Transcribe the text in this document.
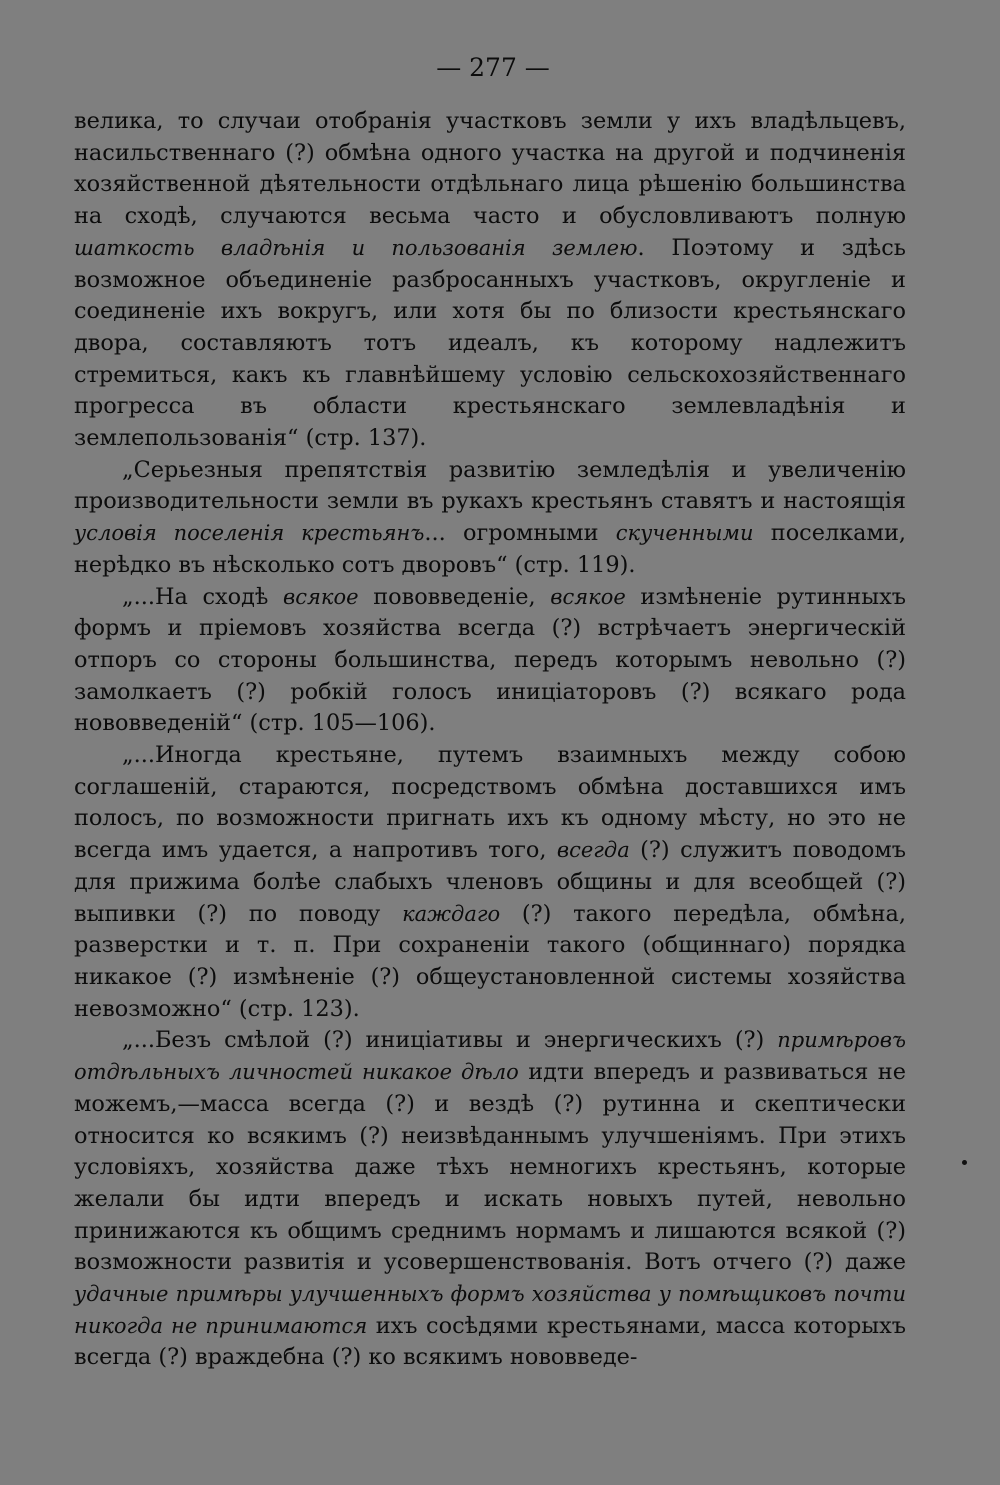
— 277 —

велика, то случаи отобранія участковъ земли у ихъ владѣльцевъ, насильственнаго (?) обмѣна одного участка на другой и подчиненія хозяйственной дѣятельности отдѣльнаго лица рѣшенію большинства на сходѣ, случаются весьма часто и обусловливаютъ полную шаткость владѣнія и пользованія землею. Поэтому и здѣсь возможное объединеніе разбросанныхъ участковъ, округленіе и соединеніе ихъ вокругъ, или хотя бы по близости крестьянскаго двора, составляютъ тотъ идеалъ, къ которому надлежитъ стремиться, какъ къ главнѣйшему условію сельскохозяйственнаго прогресса въ области крестьянскаго землевладѣнія и землепользованія“ (стр. 137).

„Серьезныя препятствія развитію земледѣлія и увеличенію производительности земли въ рукахъ крестьянъ ставятъ и настоящія условія поселенія крестьянъ... огромными скученными поселками, нерѣдко въ нѣсколько сотъ дворовъ“ (стр. 119).

„...На сходѣ всякое пововведеніе, всякое измѣненіе рутинныхъ формъ и пріемовъ хозяйства всегда (?) встрѣчаетъ энергическій отпоръ со стороны большинства, передъ которымъ невольно (?) замолкаетъ (?) робкій голосъ иниціаторовъ (?) всякаго рода нововведеній“ (стр. 105—106).

„...Иногда крестьяне, путемъ взаимныхъ между собою соглашеній, стараются, посредствомъ обмѣна доставшихся имъ полосъ, по возможности пригнать ихъ къ одному мѣсту, но это не всегда имъ удается, а напротивъ того, всегда (?) служитъ поводомъ для прижима болѣе слабыхъ членовъ общины и для всеобщей (?) выпивки (?) по поводу каждаго (?) такого передѣла, обмѣна, разверстки и т. п. При сохраненіи такого (общиннаго) порядка никакое (?) измѣненіе (?) общеустановленной системы хозяйства невозможно“ (стр. 123).

„...Безъ смѣлой (?) иниціативы и энергическихъ (?) примѣровъ отдѣльныхъ личностей никакое дѣло идти впередъ и развиваться не можемъ,—масса всегда (?) и вездѣ (?) рутинна и скептически относится ко всякимъ (?) неизвѣданнымъ улучшеніямъ. При этихъ условіяхъ, хозяйства даже тѣхъ немногихъ крестьянъ, которые желали бы идти впередъ и искать новыхъ путей, невольно принижаются къ общимъ среднимъ нормамъ и лишаются всякой (?) возможности развитія и усовершенствованія. Вотъ отчего (?) даже удачные примѣры улучшенныхъ формъ хозяйства у помѣщиковъ почти никогда не принимаются ихъ сосѣдями крестьянами, масса которыхъ всегда (?) враждебна (?) ко всякимъ нововведе-
